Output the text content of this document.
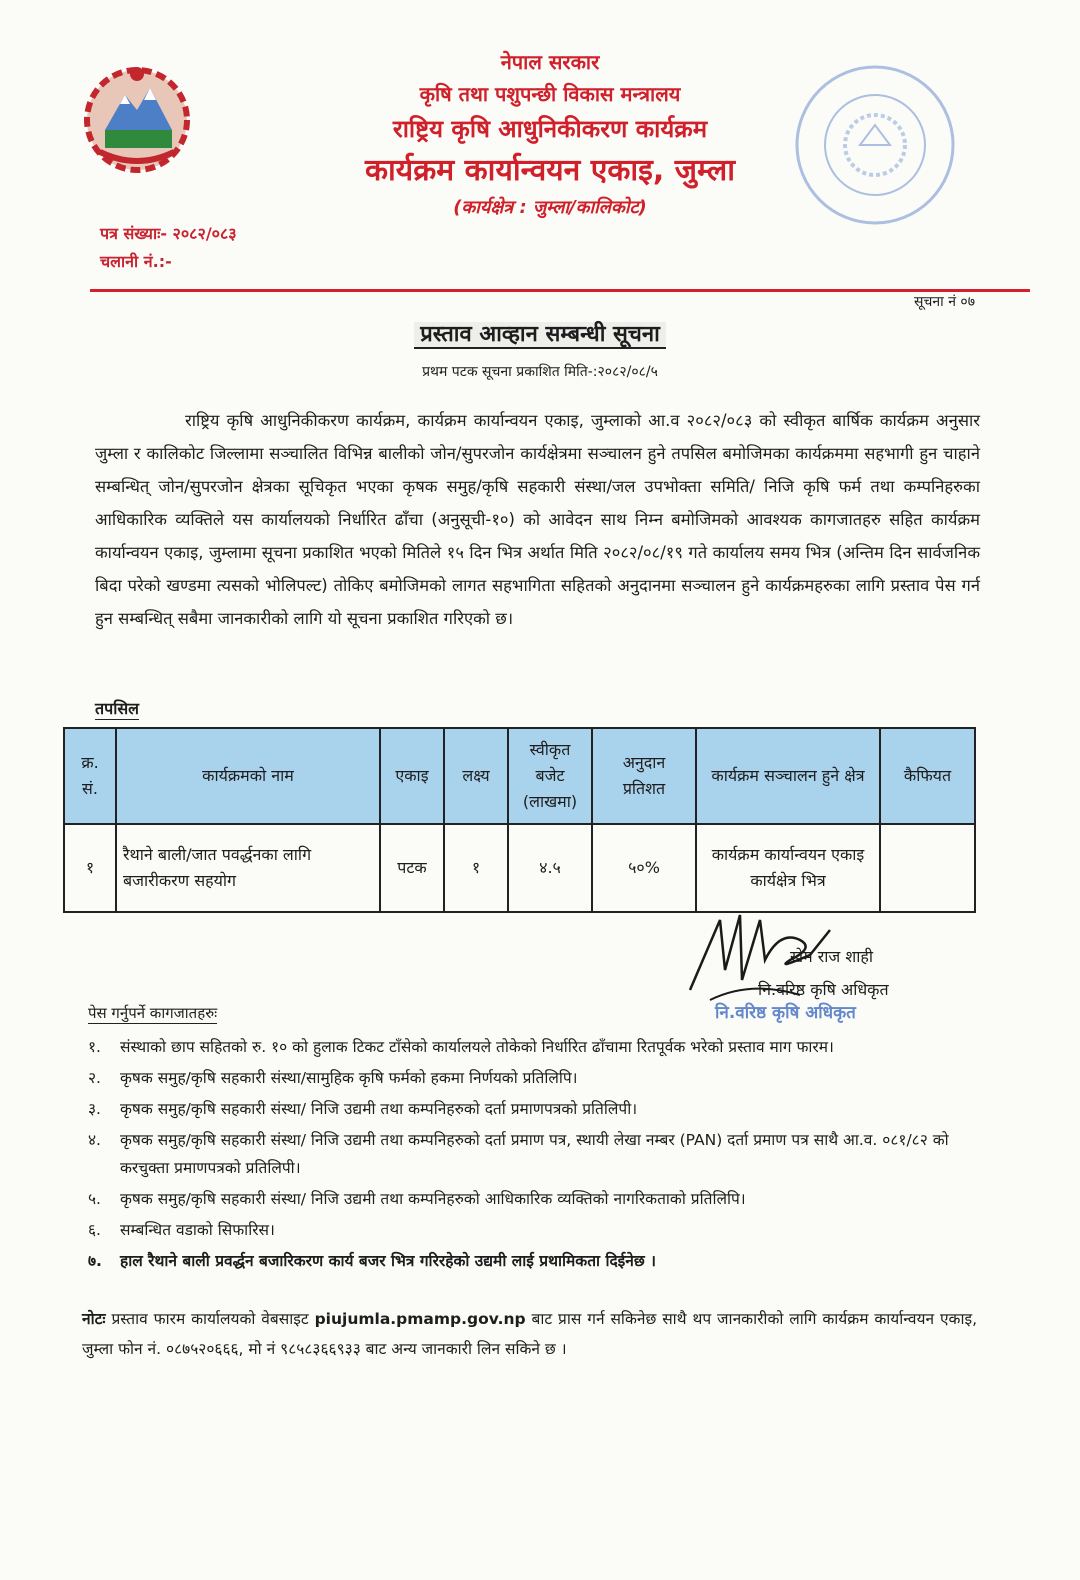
नेपाल सरकार
कृषि तथा पशुपन्छी विकास मन्त्रालय
राष्ट्रिय कृषि आधुनिकीकरण कार्यक्रम
कार्यक्रम कार्यान्वयन एकाइ, जुम्ला
(कार्यक्षेत्र : जुम्ला/कालिकोट)
पत्र संख्याः- २०८२/०८३
चलानी नं.:-
सूचना नं ०७
प्रस्ताव आव्हान सम्बन्धी सूचना
प्रथम पटक सूचना प्रकाशित मिति-:२०८२/०८/५
राष्ट्रिय कृषि आधुनिकीकरण कार्यक्रम, कार्यक्रम कार्यान्वयन एकाइ, जुम्लाको आ.व २०८२/०८३ को स्वीकृत बार्षिक कार्यक्रम अनुसार जुम्ला र कालिकोट जिल्लामा सञ्चालित विभिन्न बालीको जोन/सुपरजोन कार्यक्षेत्रमा सञ्चालन हुने तपसिल बमोजिमका कार्यक्रममा सहभागी हुन चाहाने सम्बन्धित् जोन/सुपरजोन क्षेत्रका सूचिकृत भएका कृषक समुह/कृषि सहकारी संस्था/जल उपभोक्ता समिति/ निजि कृषि फर्म तथा कम्पनिहरुका आधिकारिक व्यक्तिले यस कार्यालयको निर्धारित ढाँचा (अनुसूची-१०) को आवेदन साथ निम्न बमोजिमको आवश्यक कागजातहरु सहित कार्यक्रम कार्यान्वयन एकाइ, जुम्लामा सूचना प्रकाशित भएको मितिले १५ दिन भित्र अर्थात मिति २०८२/०८/१९ गते कार्यालय समय भित्र (अन्तिम दिन सार्वजनिक बिदा परेको खण्डमा त्यसको भोलिपल्ट) तोकिए बमोजिमको लागत सहभागिता सहितको अनुदानमा सञ्चालन हुने कार्यक्रमहरुका लागि प्रस्ताव पेस गर्न हुन सम्बन्धित् सबैमा जानकारीको लागि यो सूचना प्रकाशित गरिएको छ।
तपसिल
क्र. सं.	कार्यक्रमको नाम	एकाइ	लक्ष्य	स्वीकृत बजेट (लाखमा)	अनुदान प्रतिशत	कार्यक्रम सञ्चालन हुने क्षेत्र	कैफियत
१	रैथाने बाली/जात पवर्द्धनका लागि बजारीकरण सहयोग	पटक	१	४.५	५०%	कार्यक्रम कार्यान्वयन एकाइ कार्यक्षेत्र भित्र	
खेम राज शाही
नि.वरिष्ठ कृषि अधिकृत
नि.वरिष्ठ कृषि अधिकृत
पेस गर्नुपर्ने कागजातहरुः
१. संस्थाको छाप सहितको रु. १० को हुलाक टिकट टाँसेको कार्यालयले तोकेको निर्धारित ढाँचामा रितपूर्वक भरेको प्रस्ताव माग फारम।
२. कृषक समुह/कृषि सहकारी संस्था/सामुहिक कृषि फर्मको हकमा निर्णयको प्रतिलिपि।
३. कृषक समुह/कृषि सहकारी संस्था/ निजि उद्यमी तथा कम्पनिहरुको दर्ता प्रमाणपत्रको प्रतिलिपी।
४. कृषक समुह/कृषि सहकारी संस्था/ निजि उद्यमी तथा कम्पनिहरुको दर्ता प्रमाण पत्र, स्थायी लेखा नम्बर (PAN) दर्ता प्रमाण पत्र साथै आ.व. ०८१/८२ को करचुक्ता प्रमाणपत्रको प्रतिलिपी।
५. कृषक समुह/कृषि सहकारी संस्था/ निजि उद्यमी तथा कम्पनिहरुको आधिकारिक व्यक्तिको नागरिकताको प्रतिलिपि।
६. सम्बन्धित वडाको सिफारिस।
७. हाल रैथाने बाली प्रवर्द्धन बजारिकरण कार्य बजर भित्र गरिरहेको उद्यमी लाई प्रथामिकता दिईनेछ ।
नोटः प्रस्ताव फारम कार्यालयको वेबसाइट piujumla.pmamp.gov.np बाट प्रास गर्न सकिनेछ साथै थप जानकारीको लागि कार्यक्रम कार्यान्वयन एकाइ, जुम्ला फोन नं. ०८७५२०६६६, मो नं ९८५८३६६९३३ बाट अन्य जानकारी लिन सकिने छ ।
